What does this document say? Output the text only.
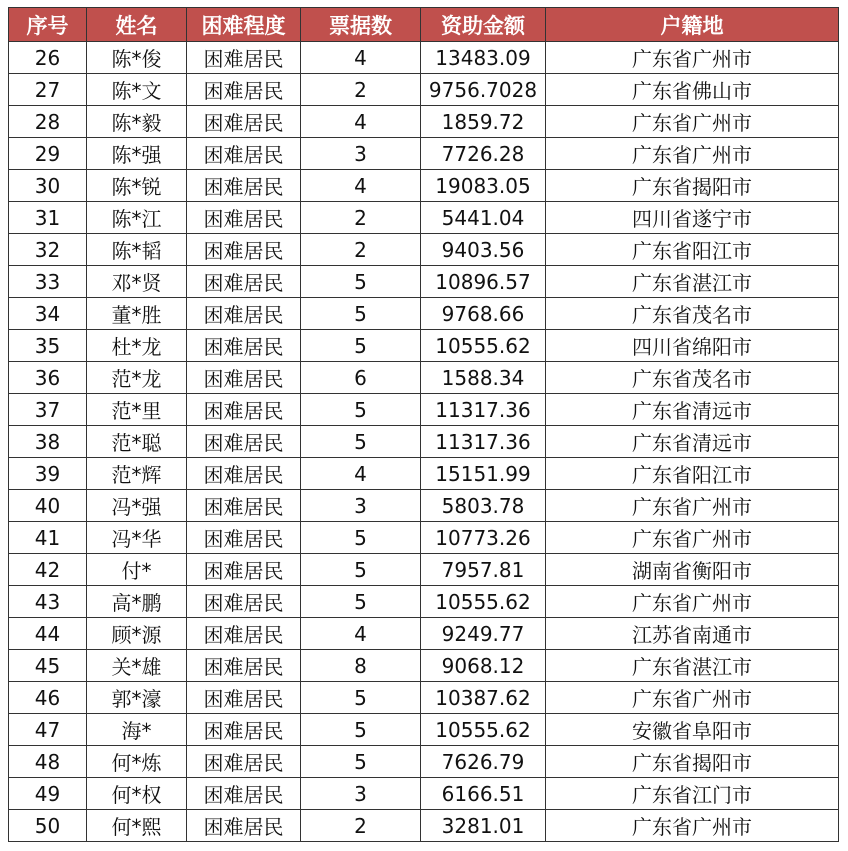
序号	姓名	困难程度	票据数	资助金额	户籍地
26	陈*俊	困难居民	4	13483.09	广东省广州市
27	陈*文	困难居民	2	9756.7028	广东省佛山市
28	陈*毅	困难居民	4	1859.72	广东省广州市
29	陈*强	困难居民	3	7726.28	广东省广州市
30	陈*锐	困难居民	4	19083.05	广东省揭阳市
31	陈*江	困难居民	2	5441.04	四川省遂宁市
32	陈*韬	困难居民	2	9403.56	广东省阳江市
33	邓*贤	困难居民	5	10896.57	广东省湛江市
34	董*胜	困难居民	5	9768.66	广东省茂名市
35	杜*龙	困难居民	5	10555.62	四川省绵阳市
36	范*龙	困难居民	6	1588.34	广东省茂名市
37	范*里	困难居民	5	11317.36	广东省清远市
38	范*聪	困难居民	5	11317.36	广东省清远市
39	范*辉	困难居民	4	15151.99	广东省阳江市
40	冯*强	困难居民	3	5803.78	广东省广州市
41	冯*华	困难居民	5	10773.26	广东省广州市
42	付*	困难居民	5	7957.81	湖南省衡阳市
43	高*鹏	困难居民	5	10555.62	广东省广州市
44	顾*源	困难居民	4	9249.77	江苏省南通市
45	关*雄	困难居民	8	9068.12	广东省湛江市
46	郭*濠	困难居民	5	10387.62	广东省广州市
47	海*	困难居民	5	10555.62	安徽省阜阳市
48	何*炼	困难居民	5	7626.79	广东省揭阳市
49	何*权	困难居民	3	6166.51	广东省江门市
50	何*熙	困难居民	2	3281.01	广东省广州市
